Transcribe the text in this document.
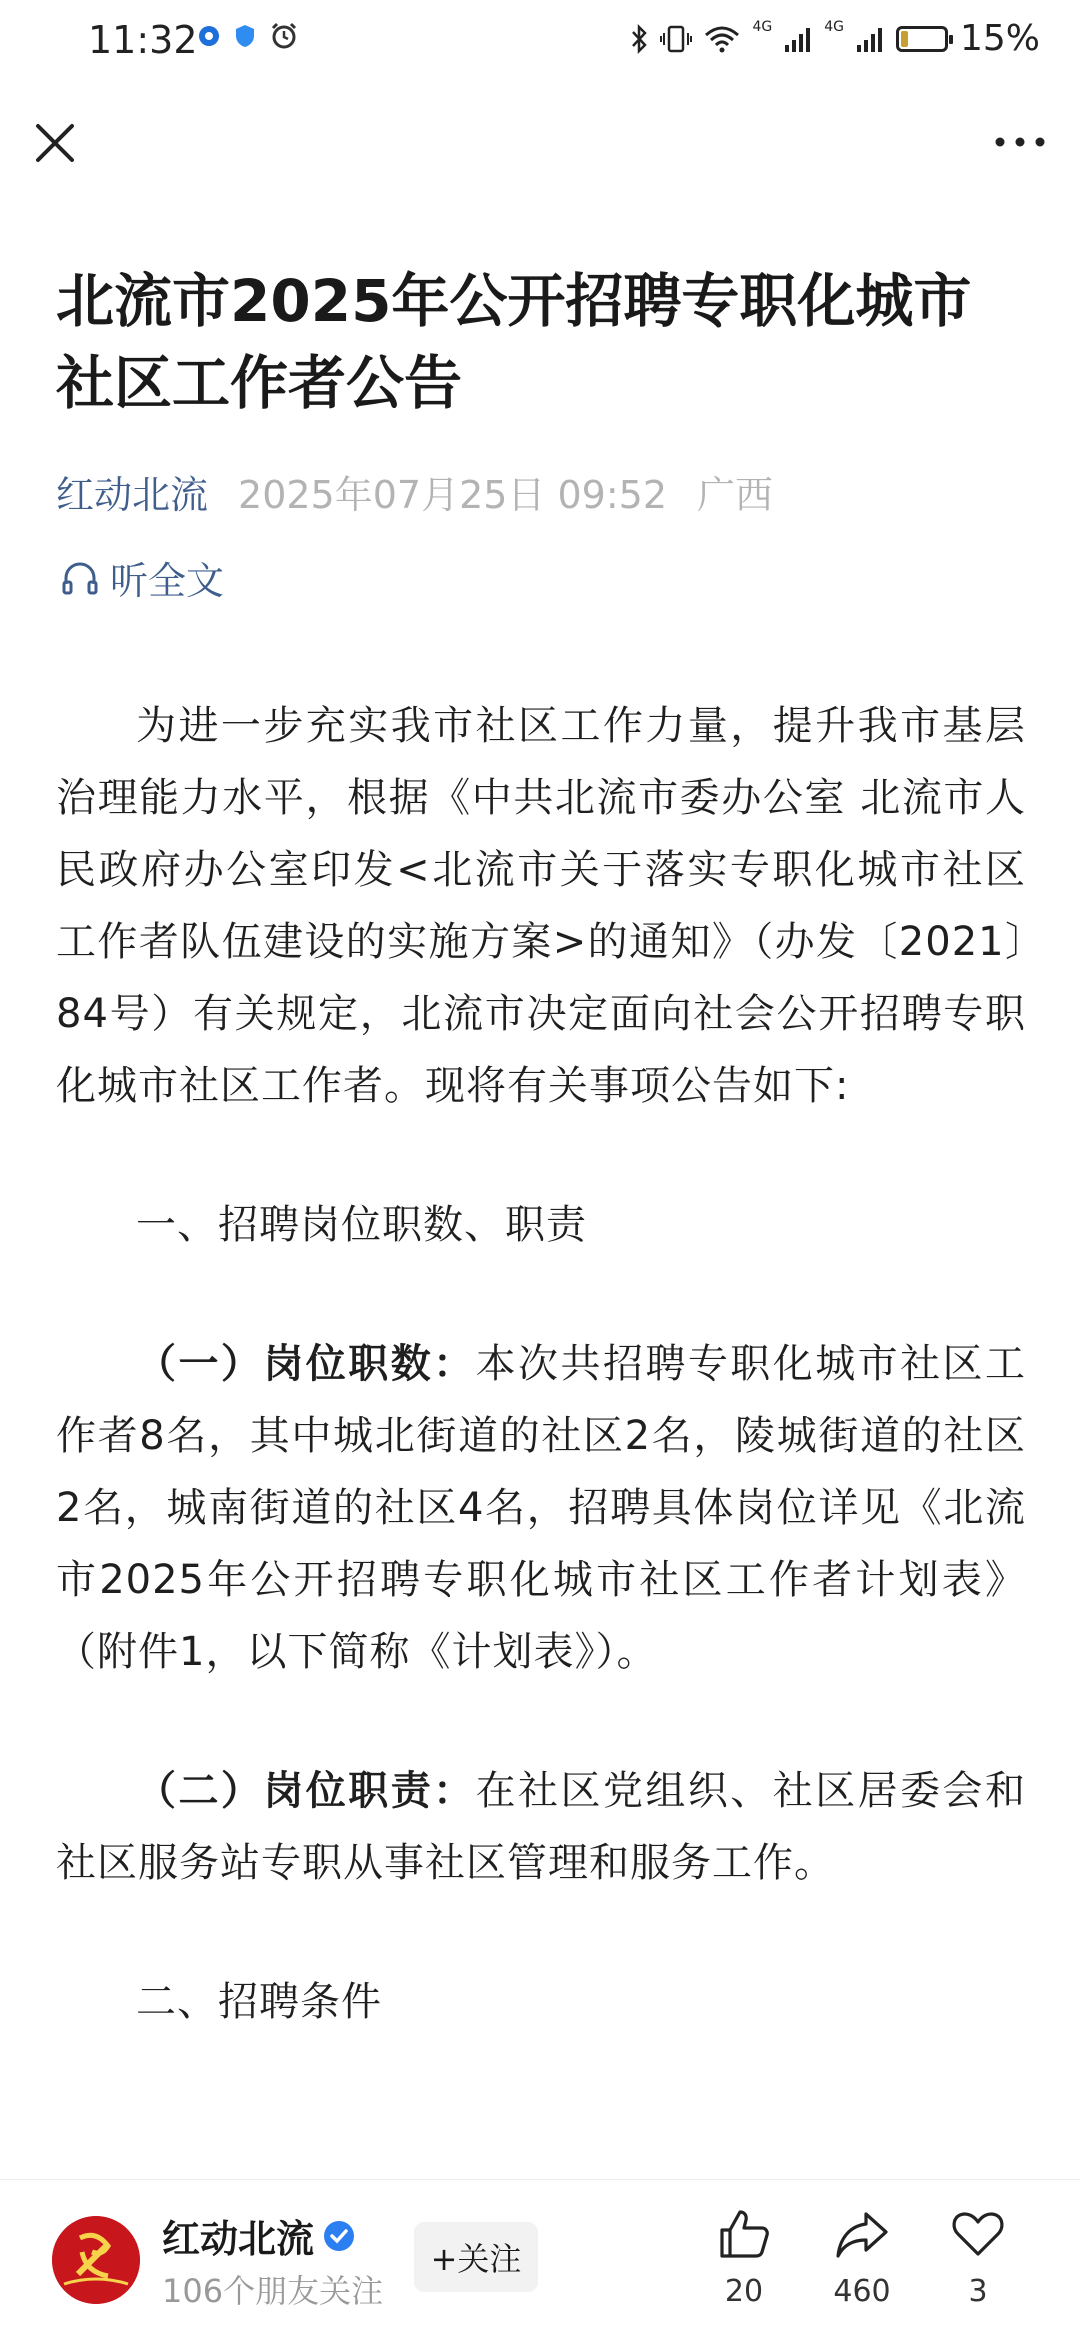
11:32	4G	4G	15%
北流市2025年公开招聘专职化城市社区工作者公告
红动北流 2025年07月25日 09:52 广西
听全文

为进一步充实我市社区工作力量，提升我市基层治理能力水平，根据《中共北流市委办公室 北流市人民政府办公室印发<北流市关于落实专职化城市社区工作者队伍建设的实施方案>的通知》（办发〔2021〕84号）有关规定，北流市决定面向社会公开招聘专职化城市社区工作者。现将有关事项公告如下:

一、招聘岗位职数、职责

（一）岗位职数：本次共招聘专职化城市社区工作者8名，其中城北街道的社区2名，陵城街道的社区2名，城南街道的社区4名，招聘具体岗位详见《北流市2025年公开招聘专职化城市社区工作者计划表》（附件1，以下简称《计划表》）。

（二）岗位职责：在社区党组织、社区居委会和社区服务站专职从事社区管理和服务工作。

二、招聘条件

红动北流
106个朋友关注
+关注
20	460	3
